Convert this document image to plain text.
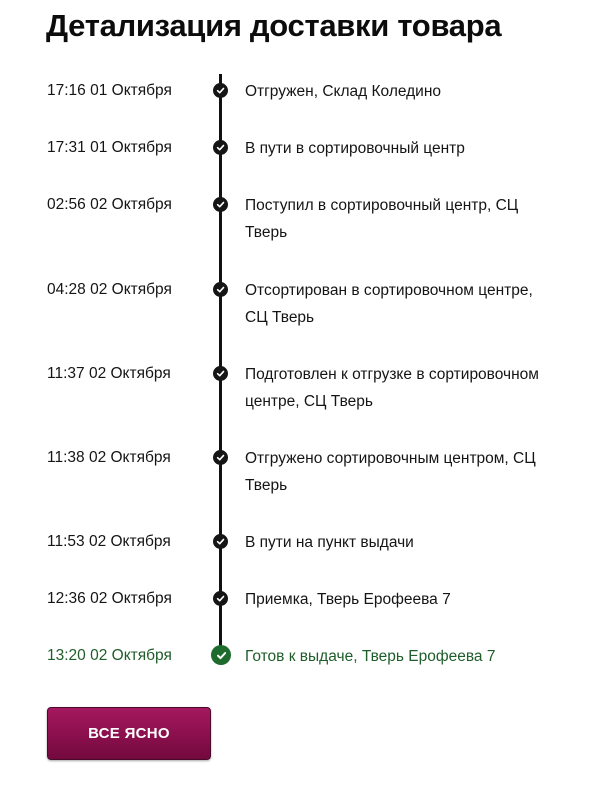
Детализация доставки товара
17:16 01 Октября	Отгружен, Склад Коледино
17:31 01 Октября	В пути в сортировочный центр
02:56 02 Октября	Поступил в сортировочный центр, СЦ Тверь
04:28 02 Октября	Отсортирован в сортировочном центре, СЦ Тверь
11:37 02 Октября	Подготовлен к отгрузке в сортировочном центре, СЦ Тверь
11:38 02 Октября	Отгружено сортировочным центром, СЦ Тверь
11:53 02 Октября	В пути на пункт выдачи
12:36 02 Октября	Приемка, Тверь Ерофеева 7
13:20 02 Октября	Готов к выдаче, Тверь Ерофеева 7
ВСЕ ЯСНО
